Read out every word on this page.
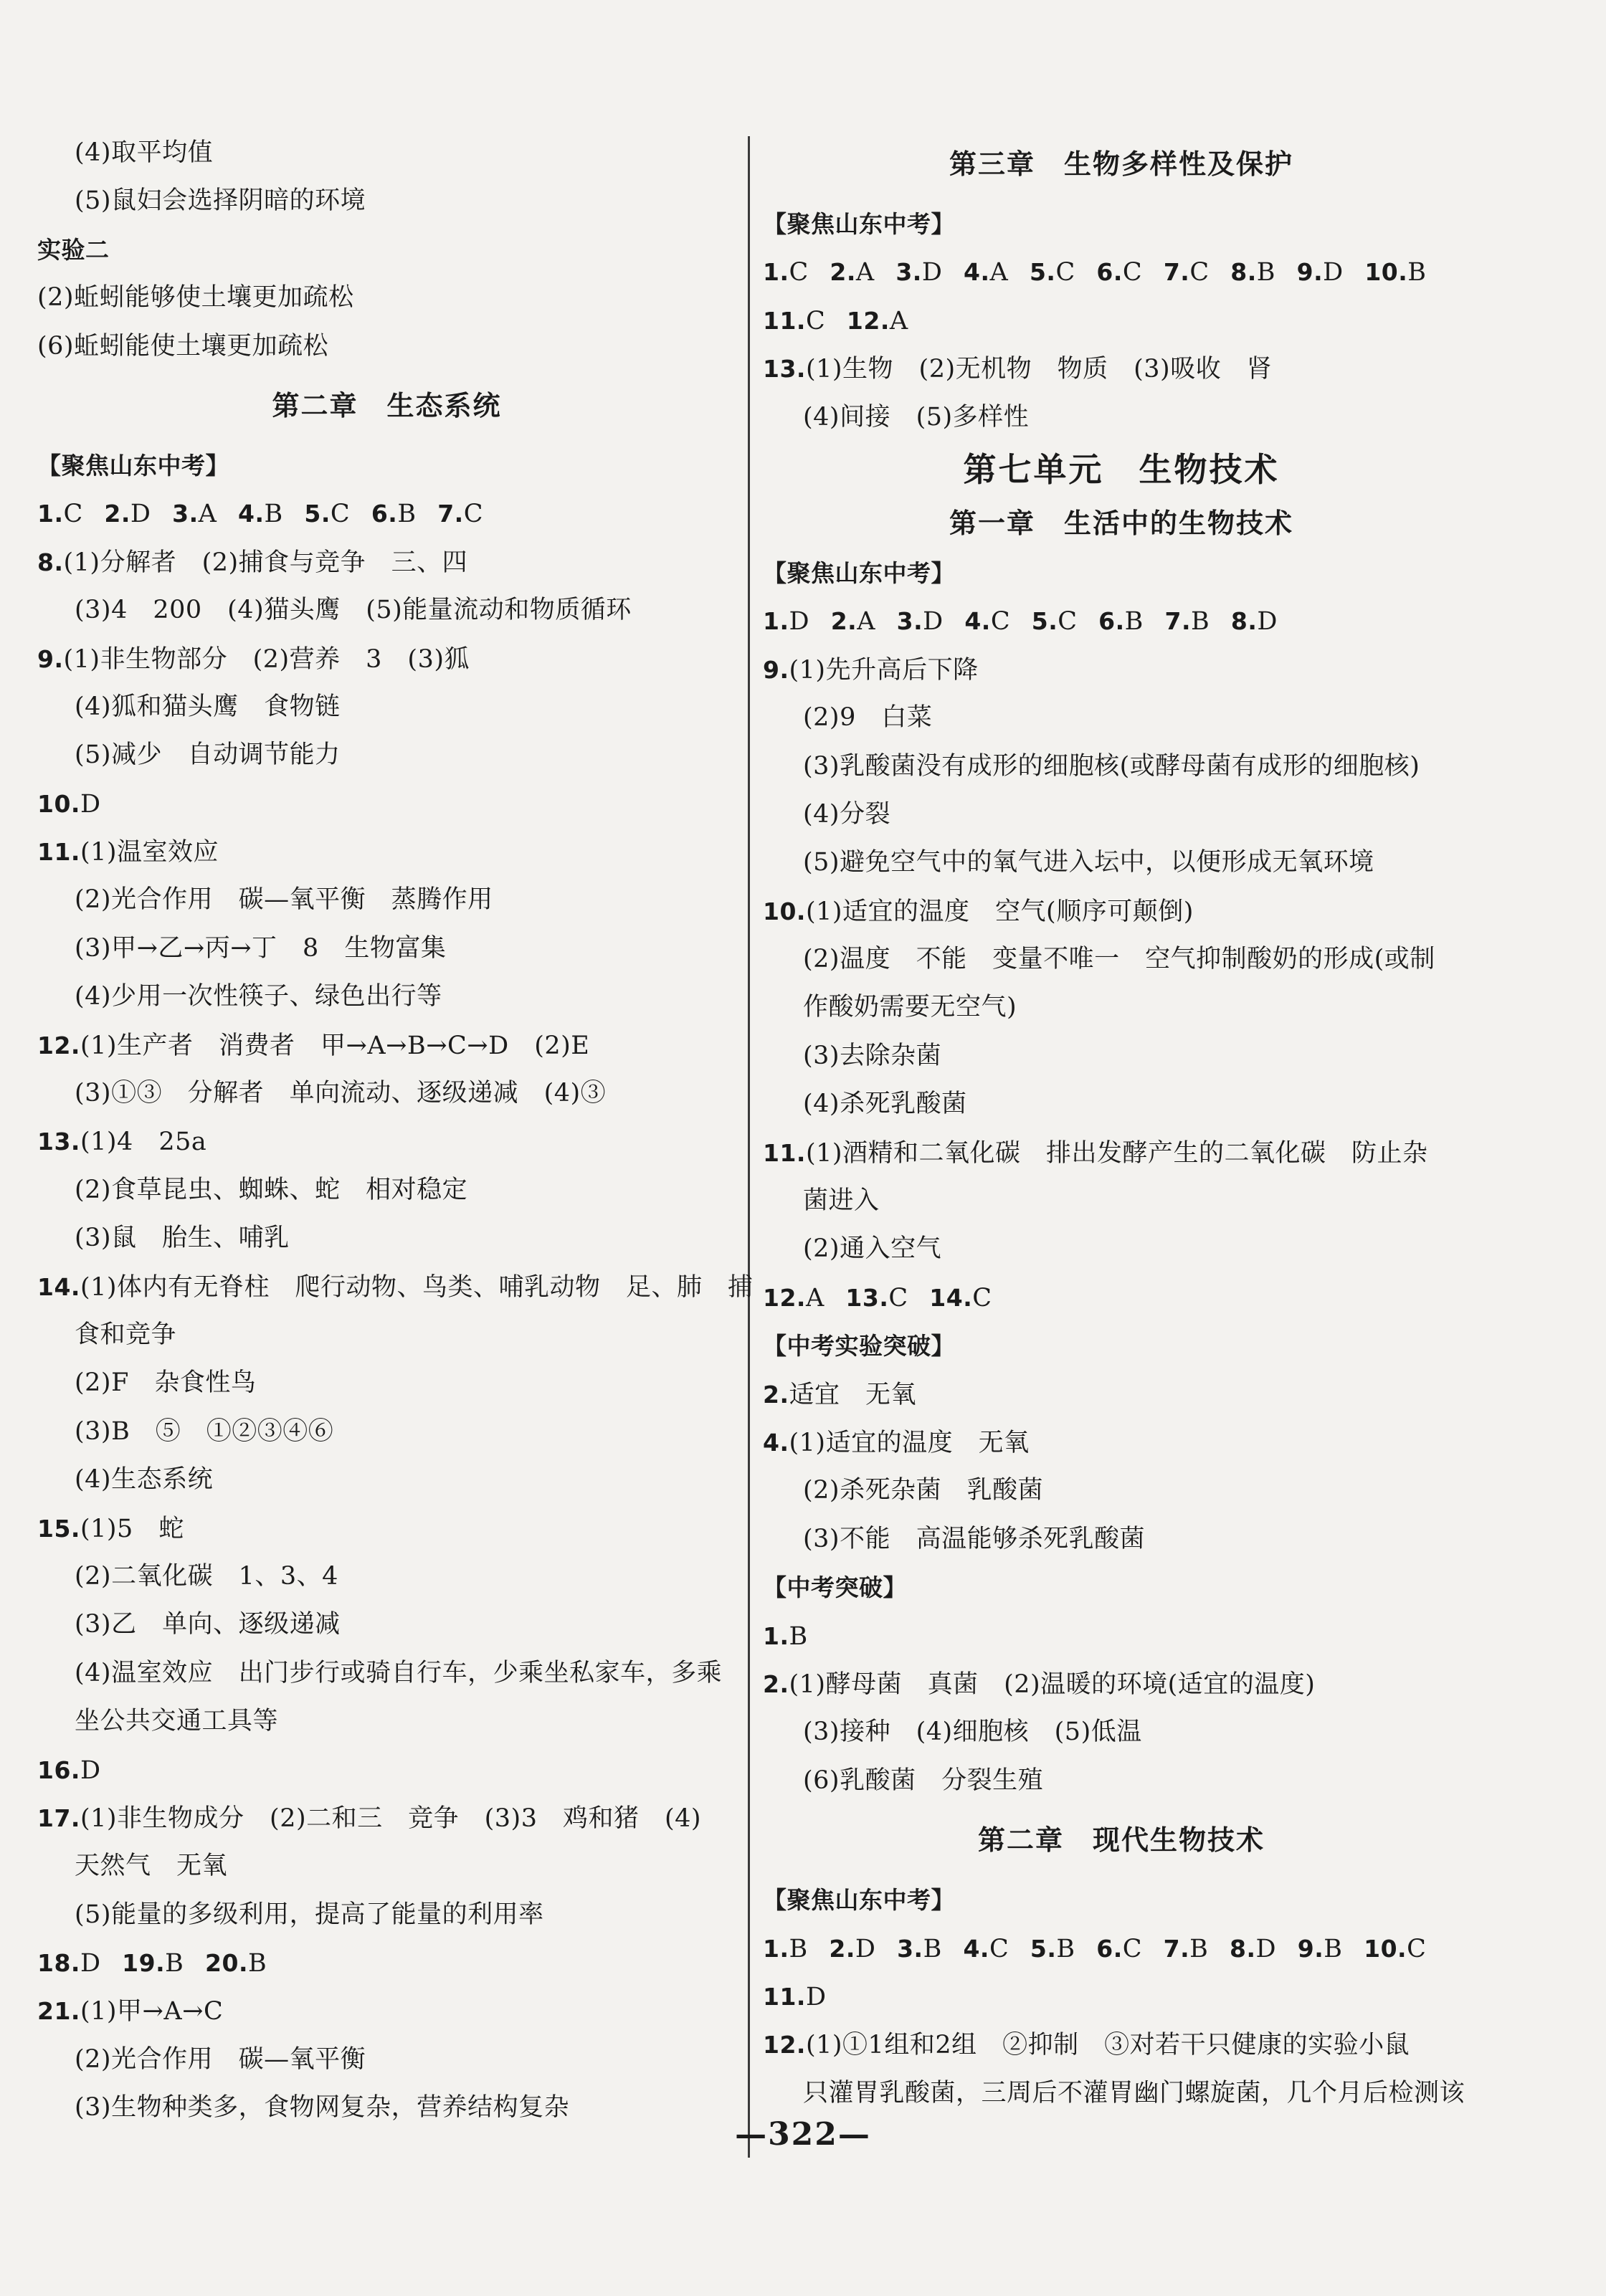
(4)取平均值
(5)鼠妇会选择阴暗的环境
实验二
(2)蚯蚓能够使土壤更加疏松
(6)蚯蚓能使土壤更加疏松
第二章　生态系统
【聚焦山东中考】
1.C 2.D 3.A 4.B 5.C 6.B 7.C
8.(1)分解者　(2)捕食与竞争　三、四
(3)4　200　(4)猫头鹰　(5)能量流动和物质循环
9.(1)非生物部分　(2)营养　3　(3)狐
(4)狐和猫头鹰　食物链
(5)减少　自动调节能力
10.D
11.(1)温室效应
(2)光合作用　碳—氧平衡　蒸腾作用
(3)甲→乙→丙→丁　8　生物富集
(4)少用一次性筷子、绿色出行等
12.(1)生产者　消费者　甲→A→B→C→D　(2)E
(3)①③　分解者　单向流动、逐级递减　(4)③
13.(1)4　25a
(2)食草昆虫、蜘蛛、蛇　相对稳定
(3)鼠　胎生、哺乳
14.(1)体内有无脊柱　爬行动物、鸟类、哺乳动物　足、肺　捕
食和竞争
(2)F　杂食性鸟
(3)B　⑤　①②③④⑥
(4)生态系统
15.(1)5　蛇
(2)二氧化碳　1、3、4
(3)乙　单向、逐级递减
(4)温室效应　出门步行或骑自行车，少乘坐私家车，多乘
坐公共交通工具等
16.D
17.(1)非生物成分　(2)二和三　竞争　(3)3　鸡和猪　(4)
天然气　无氧
(5)能量的多级利用，提高了能量的利用率
18.D 19.B 20.B
21.(1)甲→A→C
(2)光合作用　碳—氧平衡
(3)生物种类多，食物网复杂，营养结构复杂
第三章　生物多样性及保护
【聚焦山东中考】
1.C 2.A 3.D 4.A 5.C 6.C 7.C 8.B 9.D 10.B
11.C 12.A
13.(1)生物　(2)无机物　物质　(3)吸收　肾
(4)间接　(5)多样性
第七单元　生物技术
第一章　生活中的生物技术
【聚焦山东中考】
1.D 2.A 3.D 4.C 5.C 6.B 7.B 8.D
9.(1)先升高后下降
(2)9　白菜
(3)乳酸菌没有成形的细胞核(或酵母菌有成形的细胞核)
(4)分裂
(5)避免空气中的氧气进入坛中，以便形成无氧环境
10.(1)适宜的温度　空气(顺序可颠倒)
(2)温度　不能　变量不唯一　空气抑制酸奶的形成(或制
作酸奶需要无空气)
(3)去除杂菌
(4)杀死乳酸菌
11.(1)酒精和二氧化碳　排出发酵产生的二氧化碳　防止杂
菌进入
(2)通入空气
12.A 13.C 14.C
【中考实验突破】
2.适宜　无氧
4.(1)适宜的温度　无氧
(2)杀死杂菌　乳酸菌
(3)不能　高温能够杀死乳酸菌
【中考突破】
1.B
2.(1)酵母菌　真菌　(2)温暖的环境(适宜的温度)
(3)接种　(4)细胞核　(5)低温
(6)乳酸菌　分裂生殖
第二章　现代生物技术
【聚焦山东中考】
1.B 2.D 3.B 4.C 5.B 6.C 7.B 8.D 9.B 10.C
11.D
12.(1)①1组和2组　②抑制　③对若干只健康的实验小鼠
只灌胃乳酸菌，三周后不灌胃幽门螺旋菌，几个月后检测该
—322—
